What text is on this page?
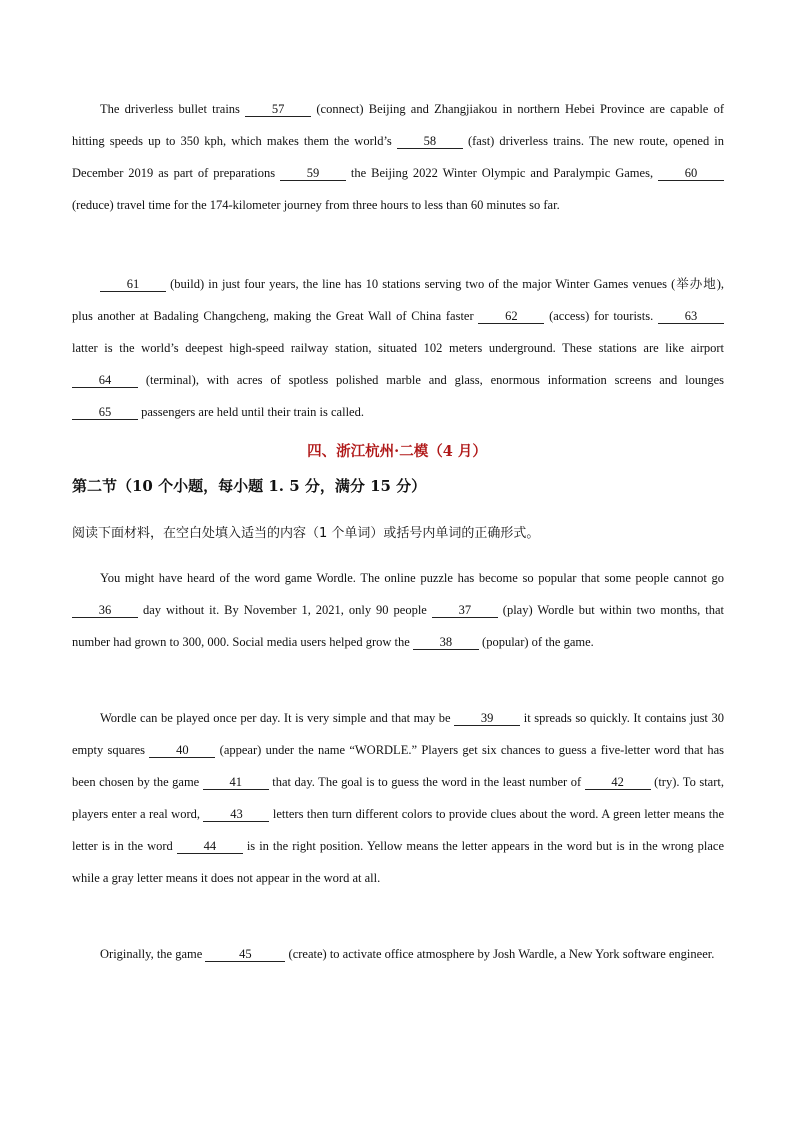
The driverless bullet trains 57 (connect) Beijing and Zhangjiakou in northern Hebei Province are capable of hitting speeds up to 350 kph, which makes them the world’s 58 (fast) driverless trains. The new route, opened in December 2019 as part of preparations 59 the Beijing 2022 Winter Olympic and Paralympic Games, 60 (reduce) travel time for the 174-kilometer journey from three hours to less than 60 minutes so far.
61 (build) in just four years, the line has 10 stations serving two of the major Winter Games venues (举办地), plus another at Badaling Changcheng, making the Great Wall of China faster 62 (access) for tourists. 63 latter is the world’s deepest high-speed railway station, situated 102 meters underground. These stations are like airport 64 (terminal), with acres of spotless polished marble and glass, enormous information screens and lounges 65 passengers are held until their train is called.
四、浙江杭州·二模（4 月）
第二节（10 个小题，每小题 1. 5 分，满分 15 分）
阅读下面材料，在空白处填入适当的内容（1 个单词）或括号内单词的正确形式。
You might have heard of the word game Wordle. The online puzzle has become so popular that some people cannot go 36 day without it. By November 1, 2021, only 90 people 37 (play) Wordle but within two months, that number had grown to 300, 000. Social media users helped grow the 38 (popular) of the game.
Wordle can be played once per day. It is very simple and that may be 39 it spreads so quickly. It contains just 30 empty squares 40 (appear) under the name “WORDLE.” Players get six chances to guess a five-letter word that has been chosen by the game 41 that day. The goal is to guess the word in the least number of 42 (try). To start, players enter a real word, 43 letters then turn different colors to provide clues about the word. A green letter means the letter is in the word 44 is in the right position. Yellow means the letter appears in the word but is in the wrong place while a gray letter means it does not appear in the word at all.
Originally, the game	45	(create) to activate office atmosphere by Josh Wardle, a New York software engineer.
